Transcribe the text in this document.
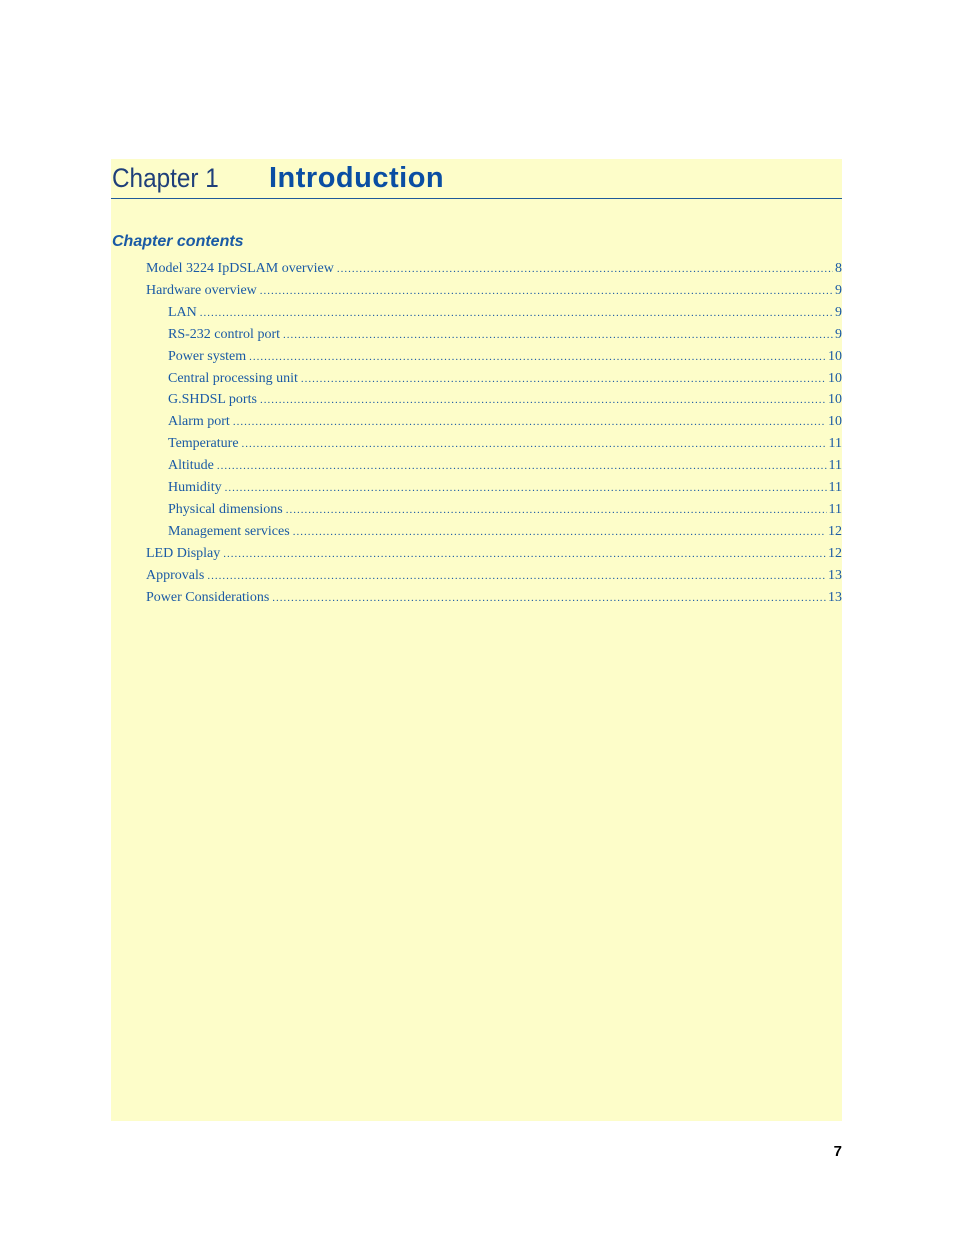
Chapter 1 Introduction
Chapter contents
Model 3224 IpDSLAM overview .....	8
Hardware overview .....	9
LAN .....	9
RS-232 control port .....	9
Power system .....	10
Central processing unit .....	10
G.SHDSL ports .....	10
Alarm port .....	10
Temperature .....	11
Altitude .....	11
Humidity .....	11
Physical dimensions .....	11
Management services .....	12
LED Display .....	12
Approvals .....	13
Power Considerations .....	13
7
